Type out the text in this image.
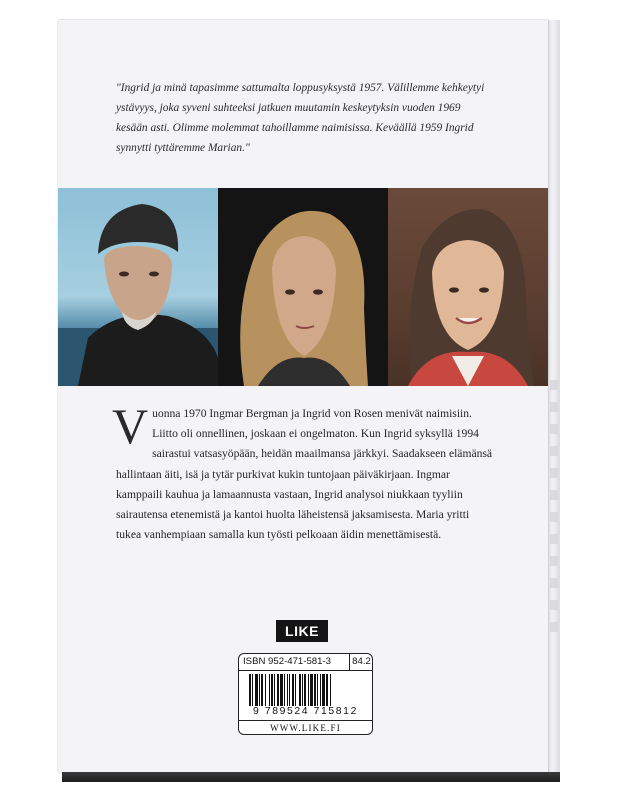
"Ingrid ja minä tapasimme sattumalta loppusyksystä 1957. Välillemme kehkeytyi
ystävyys, joka syveni suhteeksi jatkuen muutamin keskeytyksin vuoden 1969
kesään asti. Olimme molemmat tahoillamme naimisissa. Keväällä 1959 Ingrid
synnytti tyttäremme Marian."

V uonna 1970 Ingmar Bergman ja Ingrid von Rosen menivät naimisiin.
Liitto oli onnellinen, joskaan ei ongelmaton. Kun Ingrid syksyllä 1994
sairastui vatsasyöpään, heidän maailmansa järkkyi. Saadakseen elämänsä
hallintaan äiti, isä ja tytär purkivat kukin tuntojaan päiväkirjaan. Ingmar
kamppaili kauhua ja lamaannusta vastaan, Ingrid analysoi niukkaan tyyliin
sairautensa etenemistä ja kantoi huolta läheistensä jaksamisesta. Maria yritti
tukea vanhempiaan samalla kun työsti pelkoaan äidin menettämisestä.
LIKE
ISBN 952-471-581-3	84.2
9 789524 715812
WWW.LIKE.FI
